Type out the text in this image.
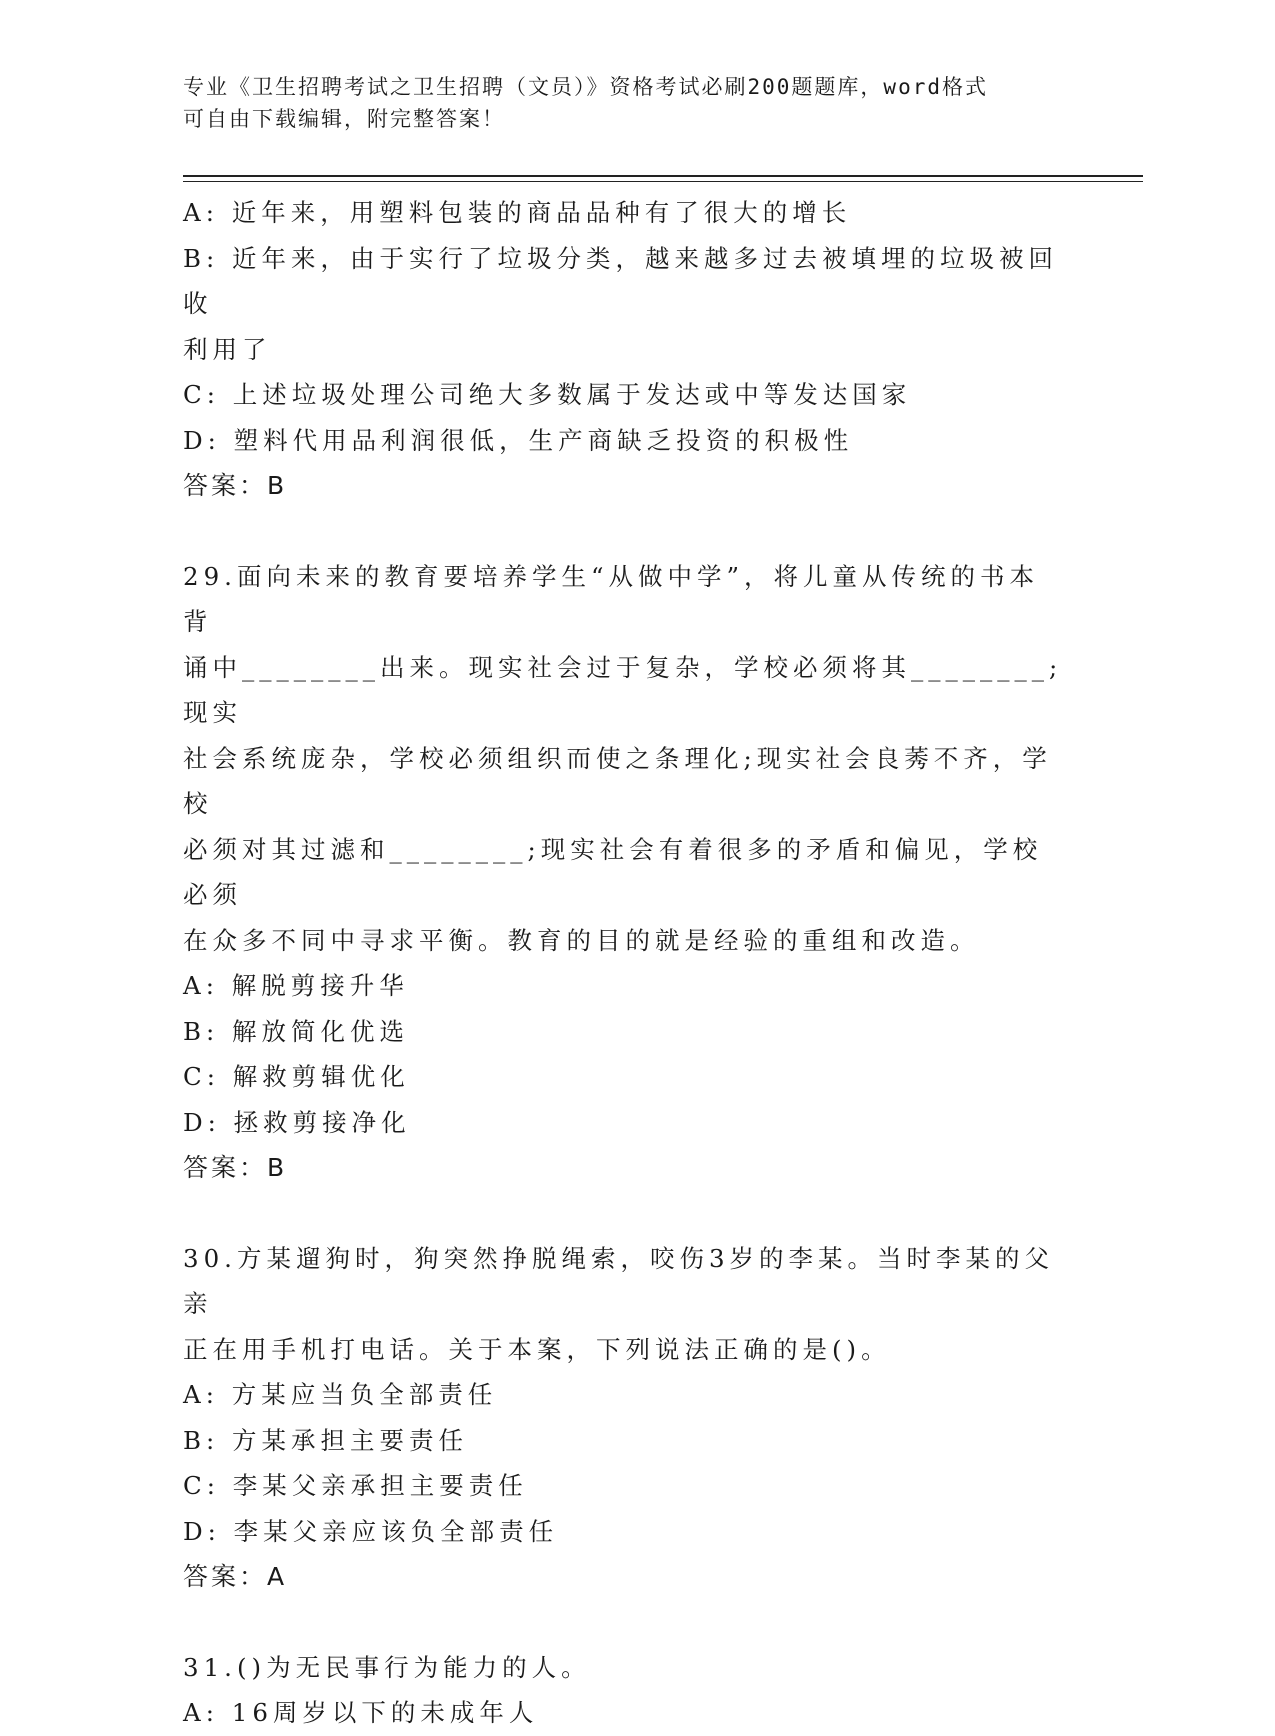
专业《卫生招聘考试之卫生招聘（文员）》资格考试必刷200题题库，word格式
可自由下载编辑，附完整答案！

A: 近年来，用塑料包装的商品品种有了很大的增长

B: 近年来，由于实行了垃圾分类，越来越多过去被填埋的垃圾被回收

利用了

C: 上述垃圾处理公司绝大多数属于发达或中等发达国家

D: 塑料代用品利润很低，生产商缺乏投资的积极性

答案：B

29.面向未来的教育要培养学生“从做中学”，将儿童从传统的书本背

诵中________出来。现实社会过于复杂，学校必须将其________;现实

社会系统庞杂，学校必须组织而使之条理化;现实社会良莠不齐，学校

必须对其过滤和________;现实社会有着很多的矛盾和偏见，学校必须

在众多不同中寻求平衡。教育的目的就是经验的重组和改造。

A: 解脱剪接升华

B: 解放简化优选

C: 解救剪辑优化

D: 拯救剪接净化

答案：B

30.方某遛狗时，狗突然挣脱绳索，咬伤3岁的李某。当时李某的父亲

正在用手机打电话。关于本案，下列说法正确的是()。

A: 方某应当负全部责任

B: 方某承担主要责任

C: 李某父亲承担主要责任

D: 李某父亲应该负全部责任

答案：A

31.()为无民事行为能力的人。

A: 16周岁以下的未成年人
